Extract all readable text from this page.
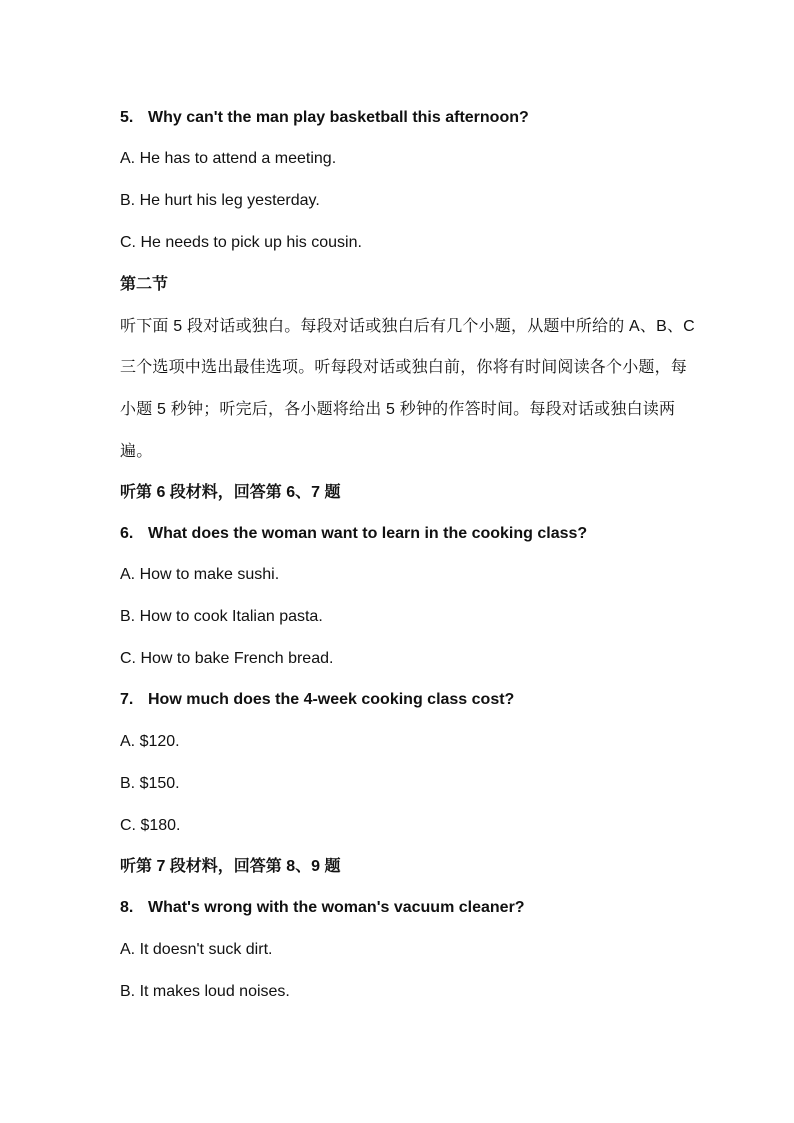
5. Why can't the man play basketball this afternoon?

A. He has to attend a meeting.

B. He hurt his leg yesterday.

C. He needs to pick up his cousin.

第二节

听下面 5 段对话或独白。每段对话或独白后有几个小题，从题中所给的 A、B、C

三个选项中选出最佳选项。听每段对话或独白前，你将有时间阅读各个小题，每

小题 5 秒钟；听完后，各小题将给出 5 秒钟的作答时间。每段对话或独白读两

遍。

听第 6 段材料，回答第 6、7 题

6. What does the woman want to learn in the cooking class?

A. How to make sushi.

B. How to cook Italian pasta.

C. How to bake French bread.

7. How much does the 4-week cooking class cost?

A. $120.

B. $150.

C. $180.

听第 7 段材料，回答第 8、9 题

8. What's wrong with the woman's vacuum cleaner?

A. It doesn't suck dirt.

B. It makes loud noises.
